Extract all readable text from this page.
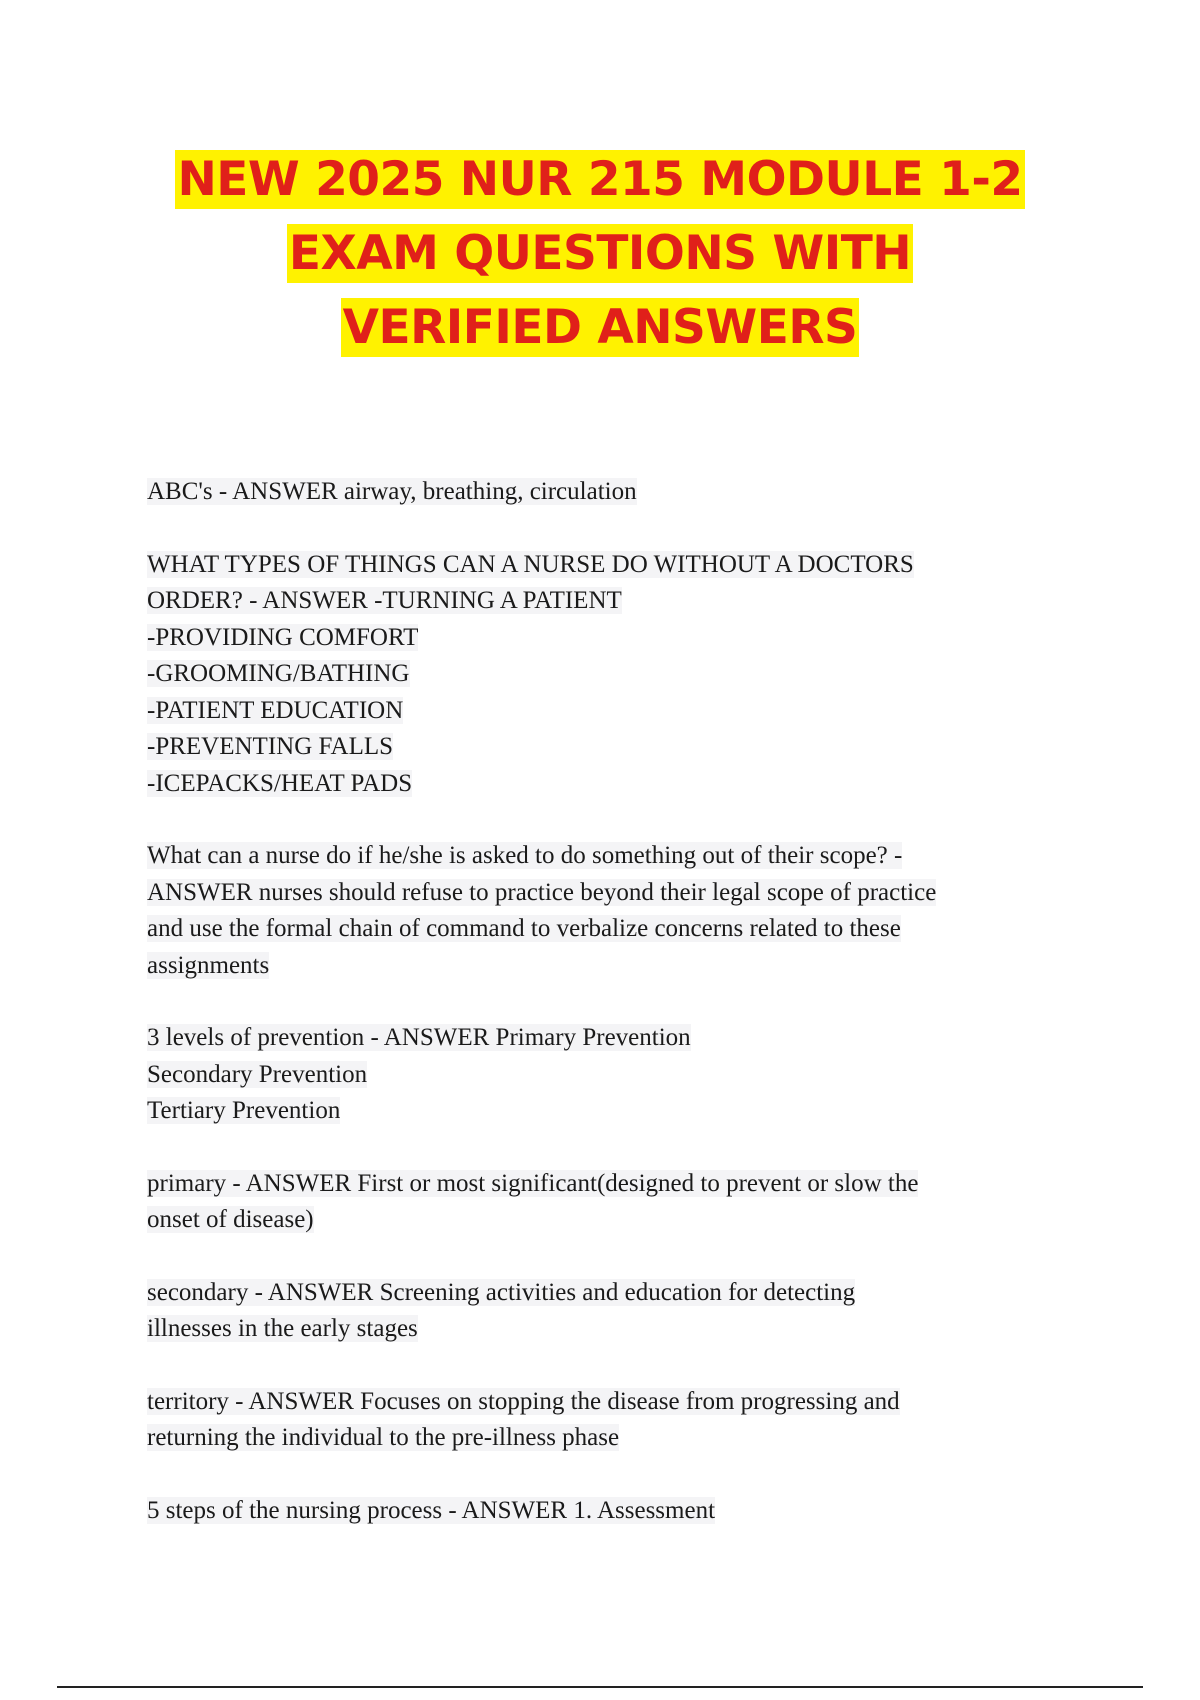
NEW 2025 NUR 215 MODULE 1-2
EXAM QUESTIONS WITH
VERIFIED ANSWERS
ABC's - ANSWER airway, breathing, circulation
WHAT TYPES OF THINGS CAN A NURSE DO WITHOUT A DOCTORS
ORDER? - ANSWER -TURNING A PATIENT
-PROVIDING COMFORT
-GROOMING/BATHING
-PATIENT EDUCATION
-PREVENTING FALLS
-ICEPACKS/HEAT PADS
What can a nurse do if he/she is asked to do something out of their scope? -
ANSWER nurses should refuse to practice beyond their legal scope of practice
and use the formal chain of command to verbalize concerns related to these
assignments
3 levels of prevention - ANSWER Primary Prevention
Secondary Prevention
Tertiary Prevention
primary - ANSWER First or most significant(designed to prevent or slow the
onset of disease)
secondary - ANSWER Screening activities and education for detecting
illnesses in the early stages
territory - ANSWER Focuses on stopping the disease from progressing and
returning the individual to the pre-illness phase
5 steps of the nursing process - ANSWER 1. Assessment
